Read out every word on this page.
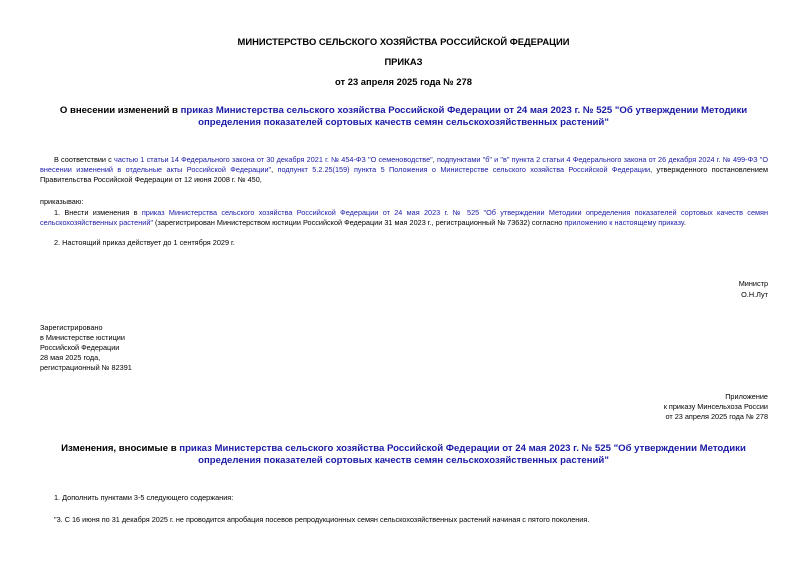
МИНИСТЕРСТВО СЕЛЬСКОГО ХОЗЯЙСТВА РОССИЙСКОЙ ФЕДЕРАЦИИ
ПРИКАЗ
от 23 апреля 2025 года № 278
О внесении изменений в приказ Министерства сельского хозяйства Российской Федерации от 24 мая 2023 г. № 525 "Об утверждении Методики определения показателей сортовых качеств семян сельскохозяйственных растений"
В соответствии с частью 1 статьи 14 Федерального закона от 30 декабря 2021 г. № 454-ФЗ "О семеноводстве", подпунктами "б" и "в" пункта 2 статьи 4 Федерального закона от 26 декабря 2024 г. № 499-ФЗ "О внесении изменений в отдельные акты Российской Федерации", подпункт 5.2.25(159) пункта 5 Положения о Министерстве сельского хозяйства Российской Федерации, утвержденного постановлением Правительства Российской Федерации от 12 июня 2008 г. № 450,
приказываю:
1. Внести изменения в приказ Министерства сельского хозяйства Российской Федерации от 24 мая 2023 г. № 525 "Об утверждении Методики определения показателей сортовых качеств семян сельскохозяйственных растений" (зарегистрирован Министерством юстиции Российской Федерации 31 мая 2023 г., регистрационный № 73632) согласно приложению к настоящему приказу.
2. Настоящий приказ действует до 1 сентября 2029 г.
Министр
О.Н.Лут
Зарегистрировано
в Министерстве юстиции
Российской Федерации
28 мая 2025 года,
регистрационный № 82391
Приложение
к приказу Минсельхоза России
от 23 апреля 2025 года № 278
Изменения, вносимые в приказ Министерства сельского хозяйства Российской Федерации от 24 мая 2023 г. № 525 "Об утверждении Методики определения показателей сортовых качеств семян сельскохозяйственных растений"
1. Дополнить пунктами 3-5 следующего содержания:
"3. С 16 июня по 31 декабря 2025 г. не проводится апробация посевов репродукционных семян сельскохозяйственных растений начиная с пятого поколения.
